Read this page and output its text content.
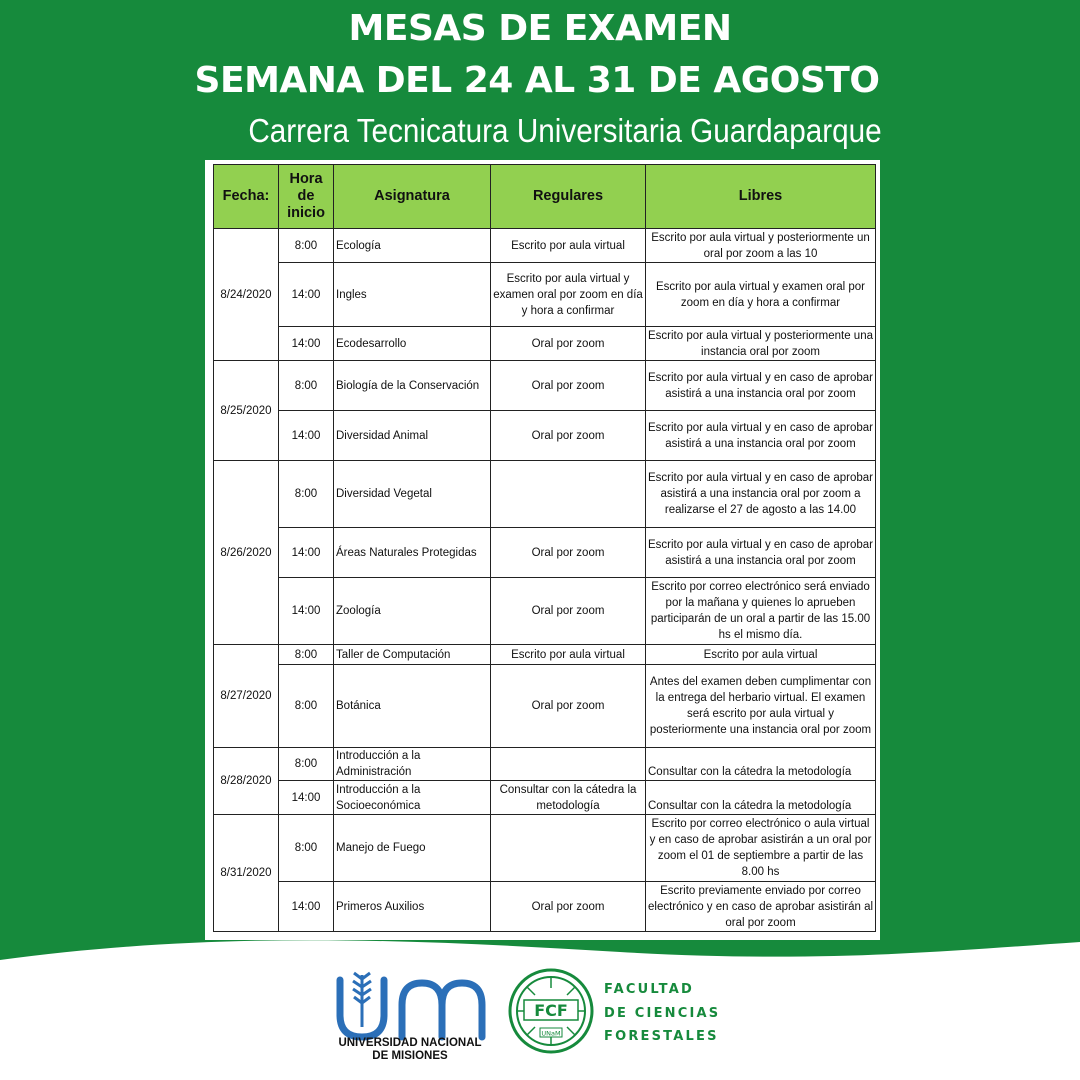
MESAS DE EXAMEN
SEMANA DEL 24 AL 31 DE AGOSTO
Carrera Tecnicatura Universitaria Guardaparque
Fecha:	Hora de inicio	Asignatura	Regulares	Libres
8/24/2020	8:00	Ecología	Escrito por aula virtual	Escrito por aula virtual y posteriormente un oral por zoom a las 10
	14:00	Ingles	Escrito por aula virtual y examen oral por zoom en día y hora a confirmar	Escrito por aula virtual y examen oral por zoom en día y hora a confirmar
	14:00	Ecodesarrollo	Oral por zoom	Escrito por aula virtual y posteriormente una instancia oral por zoom
8/25/2020	8:00	Biología de la Conservación	Oral por zoom	Escrito por aula virtual y en caso de aprobar asistirá a una instancia oral por zoom
	14:00	Diversidad Animal	Oral por zoom	Escrito por aula virtual y en caso de aprobar asistirá a una instancia oral por zoom
8/26/2020	8:00	Diversidad Vegetal		Escrito por aula virtual y en caso de aprobar asistirá a una instancia oral por zoom a realizarse el 27 de agosto a las 14.00
	14:00	Áreas Naturales Protegidas	Oral por zoom	Escrito por aula virtual y en caso de aprobar asistirá a una instancia oral por zoom
	14:00	Zoología	Oral por zoom	Escrito por correo electrónico será enviado por la mañana y quienes lo aprueben participarán de un oral a partir de las 15.00 hs el mismo día.
8/27/2020	8:00	Taller de Computación	Escrito por aula virtual	Escrito por aula virtual
	8:00	Botánica	Oral por zoom	Antes del examen deben cumplimentar con la entrega del herbario virtual. El examen será escrito por aula virtual y posteriormente una instancia oral por zoom
8/28/2020	8:00	Introducción a la Administración		Consultar con la cátedra la metodología
	14:00	Introducción a la Socioeconómica	Consultar con la cátedra la metodología	Consultar con la cátedra la metodología
8/31/2020	8:00	Manejo de Fuego		Escrito por correo electrónico o aula virtual y en caso de aprobar asistirán a un oral por zoom el 01 de septiembre a partir de las 8.00 hs
	14:00	Primeros Auxilios	Oral por zoom	Escrito previamente enviado por correo electrónico y en caso de aprobar asistirán al oral por zoom
UNIVERSIDAD NACIONAL
DE MISIONES
FCF
UNaM
FACULTAD
DE CIENCIAS
FORESTALES
